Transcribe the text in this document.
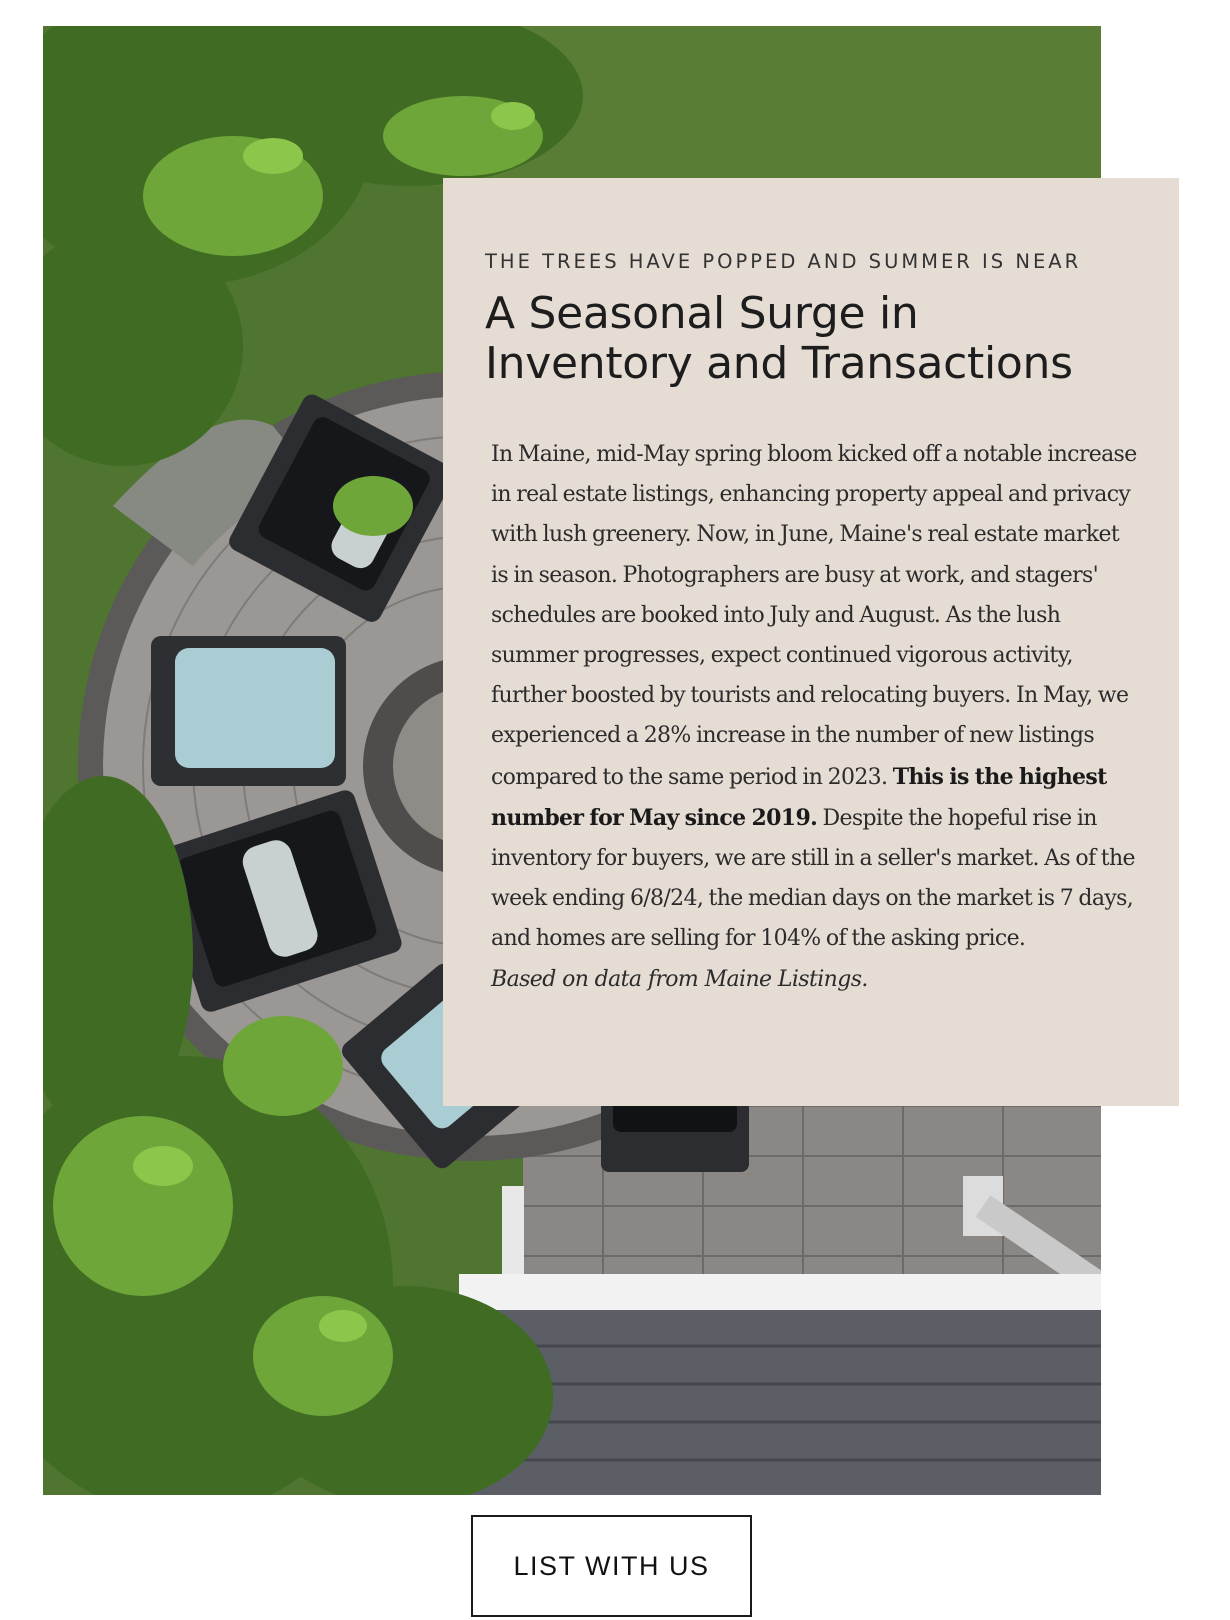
THE TREES HAVE POPPED AND SUMMER IS NEAR

A Seasonal Surge in Inventory and Transactions

In Maine, mid-May spring bloom kicked off a notable increase in real estate listings, enhancing property appeal and privacy with lush greenery. Now, in June, Maine's real estate market is in season. Photographers are busy at work, and stagers' schedules are booked into July and August. As the lush summer progresses, expect continued vigorous activity, further boosted by tourists and relocating buyers. In May, we experienced a 28% increase in the number of new listings compared to the same period in 2023. This is the highest number for May since 2019. Despite the hopeful rise in inventory for buyers, we are still in a seller's market. As of the week ending 6/8/24, the median days on the market is 7 days, and homes are selling for 104% of the asking price.

Based on data from Maine Listings.

LIST WITH US
